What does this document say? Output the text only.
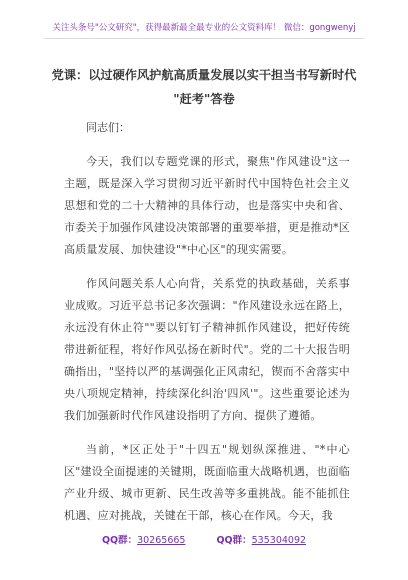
关注头条号"公文研究"，获得最新最全最专业的公文资料库！ 微信：gongwenyj
党课：以过硬作风护航高质量发展以实干担当书写新时代
"赶考"答卷

同志们：

今天，我们以专题党课的形式，聚焦"作风建设"这一主题，既是深入学习贯彻习近平新时代中国特色社会主义思想和党的二十大精神的具体行动，也是落实中央和省、市委关于加强作风建设决策部署的重要举措，更是推动*区高质量发展、加快建设"*中心区"的现实需要。

作风问题关系人心向背，关系党的执政基础，关系事业成败。习近平总书记多次强调："作风建设永远在路上，永远没有休止符""要以钉钉子精神抓作风建设，把好传统带进新征程，将好作风弘扬在新时代"。党的二十大报告明确指出，"坚持以严的基调强化正风肃纪，锲而不舍落实中央八项规定精神，持续深化纠治'四风'"。这些重要论述为我们加强新时代作风建设指明了方向、提供了遵循。

当前，*区正处于"十四五"规划纵深推进、"*中心区"建设全面提速的关键期，既面临重大战略机遇，也面临产业升级、城市更新、民生改善等多重挑战。能不能抓住机遇、应对挑战，关键在干部，核心在作风。今天，我

QQ群：30265665	QQ群：535304092
